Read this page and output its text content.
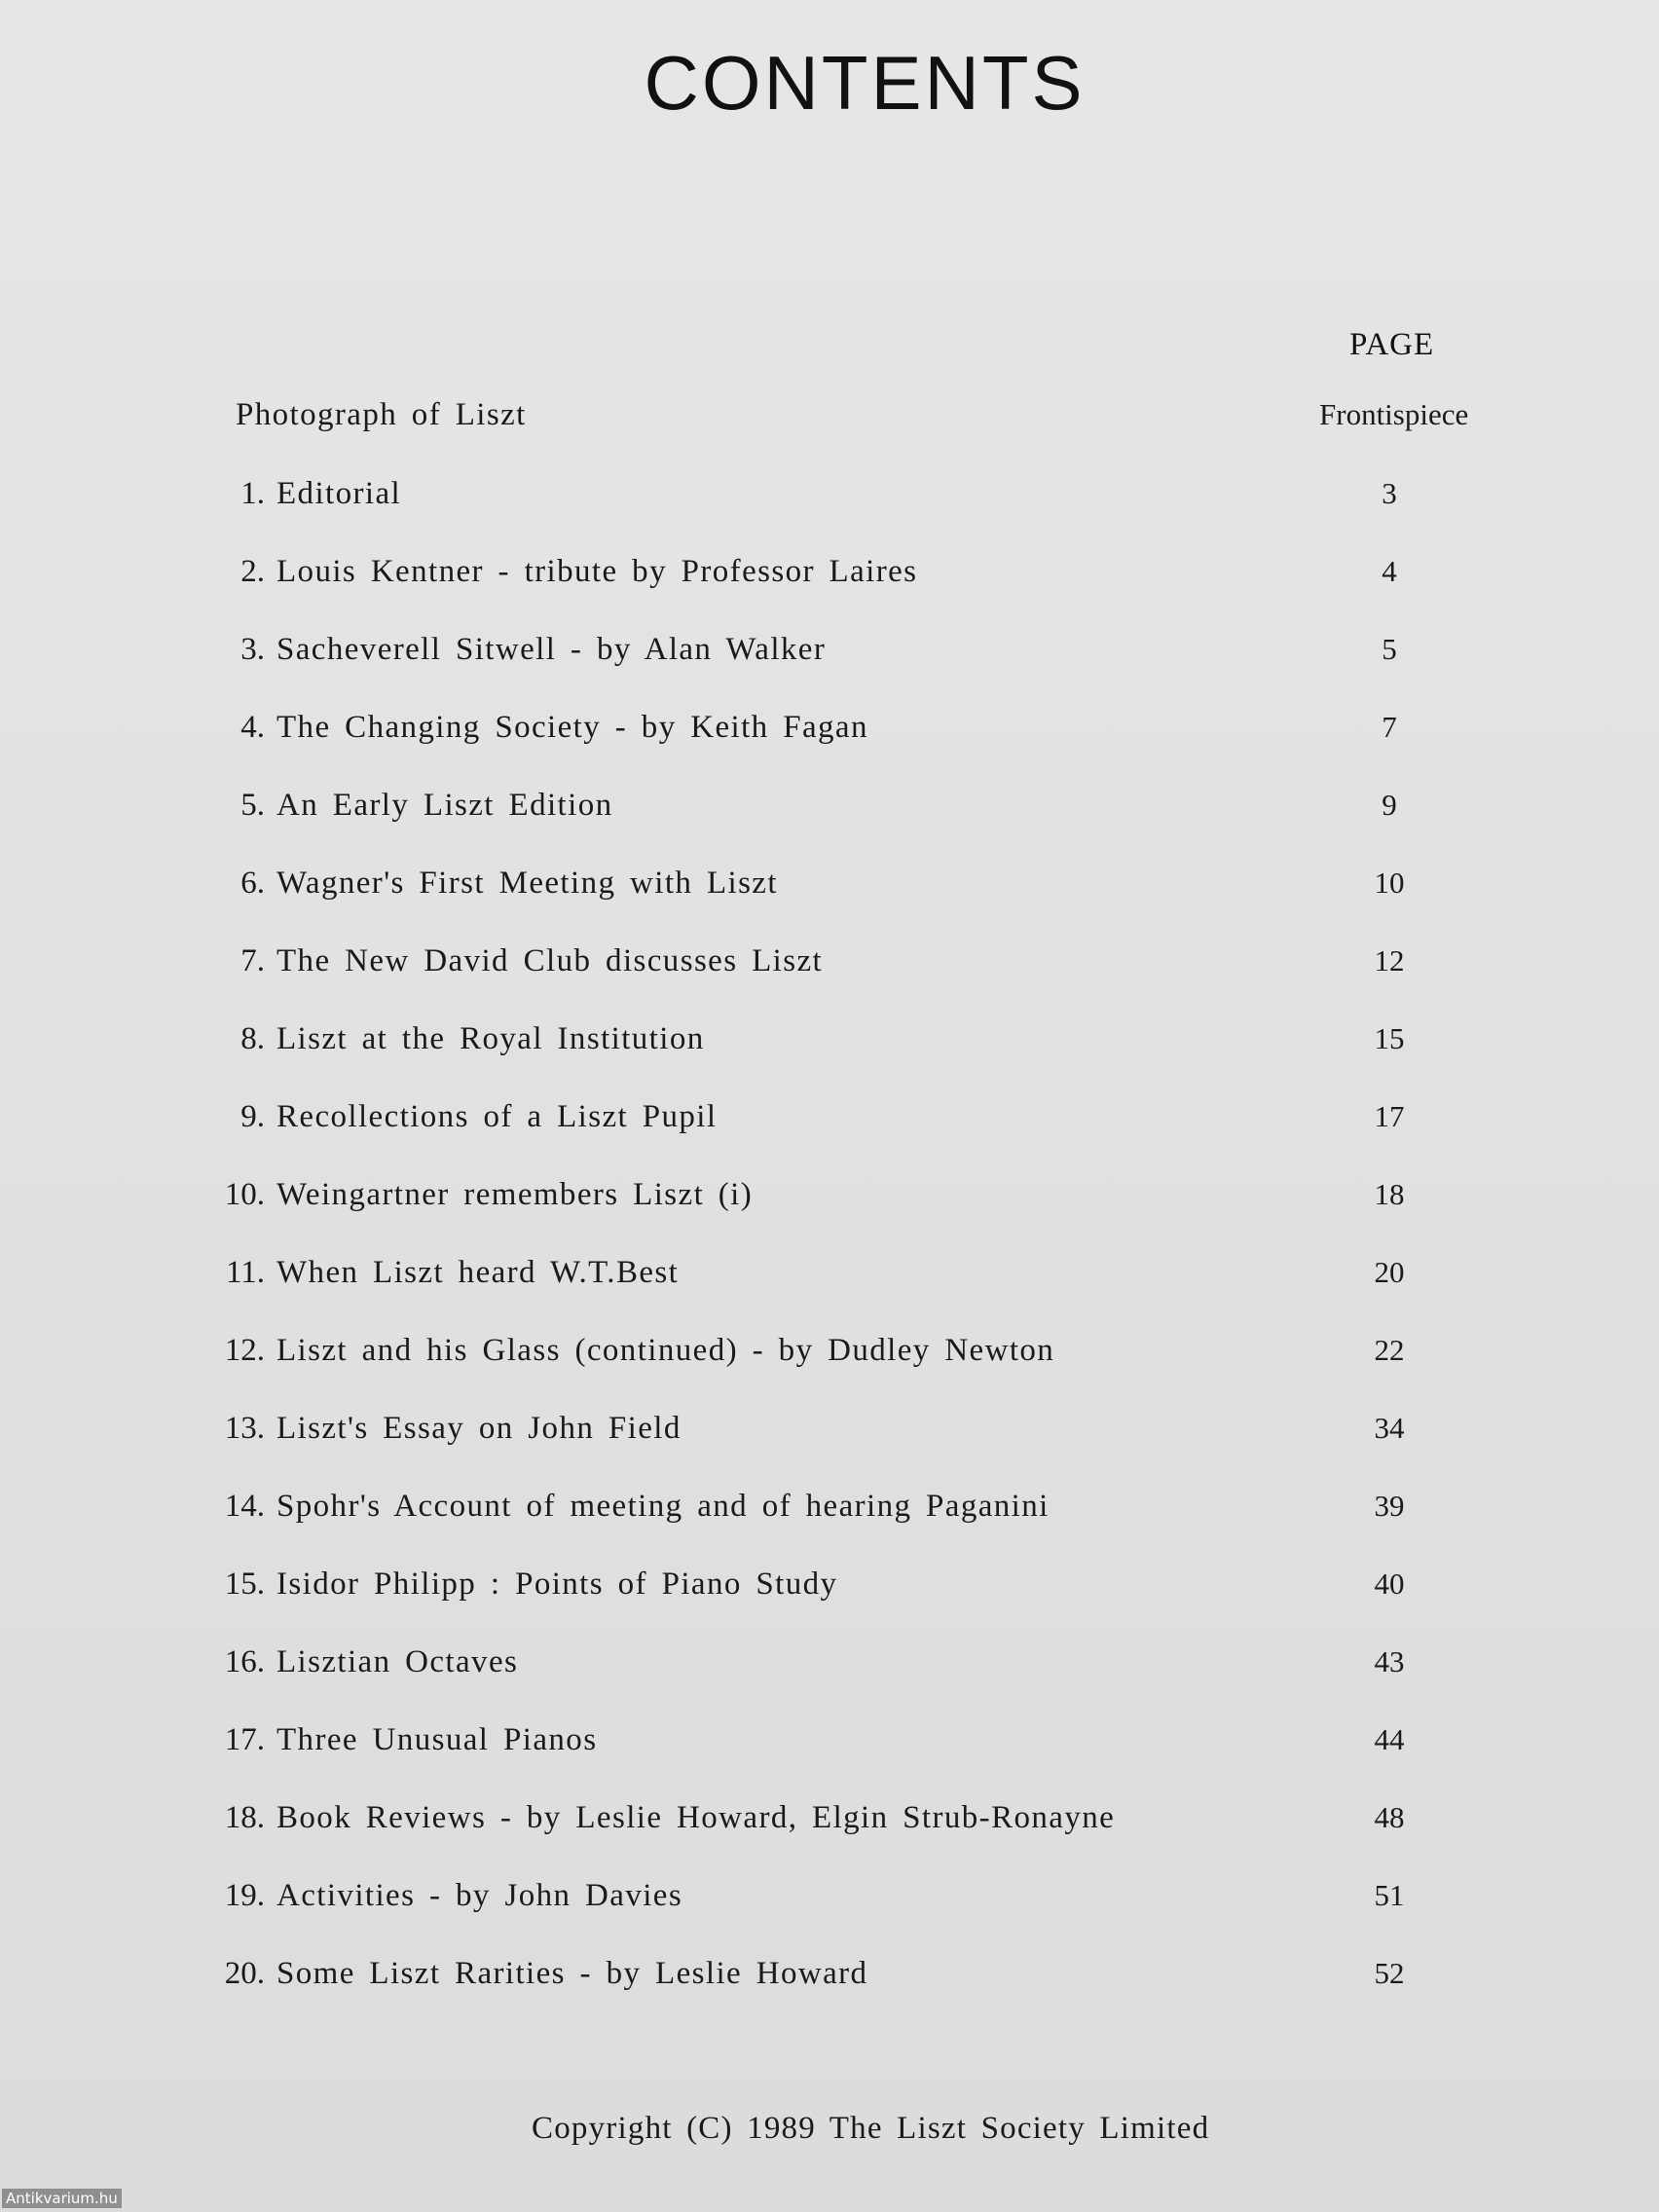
CONTENTS
PAGE
Photograph of Liszt	Frontispiece
1. Editorial	3
2. Louis Kentner - tribute by Professor Laires	4
3. Sacheverell Sitwell - by Alan Walker	5
4. The Changing Society - by Keith Fagan	7
5. An Early Liszt Edition	9
6. Wagner's First Meeting with Liszt	10
7. The New David Club discusses Liszt	12
8. Liszt at the Royal Institution	15
9. Recollections of a Liszt Pupil	17
10. Weingartner remembers Liszt (i)	18
11. When Liszt heard W.T.Best	20
12. Liszt and his Glass (continued) - by Dudley Newton	22
13. Liszt's Essay on John Field	34
14. Spohr's Account of meeting and of hearing Paganini	39
15. Isidor Philipp : Points of Piano Study	40
16. Lisztian Octaves	43
17. Three Unusual Pianos	44
18. Book Reviews - by Leslie Howard, Elgin Strub-Ronayne	48
19. Activities - by John Davies	51
20. Some Liszt Rarities - by Leslie Howard	52
Copyright (C) 1989 The Liszt Society Limited
Antikvarium.hu
